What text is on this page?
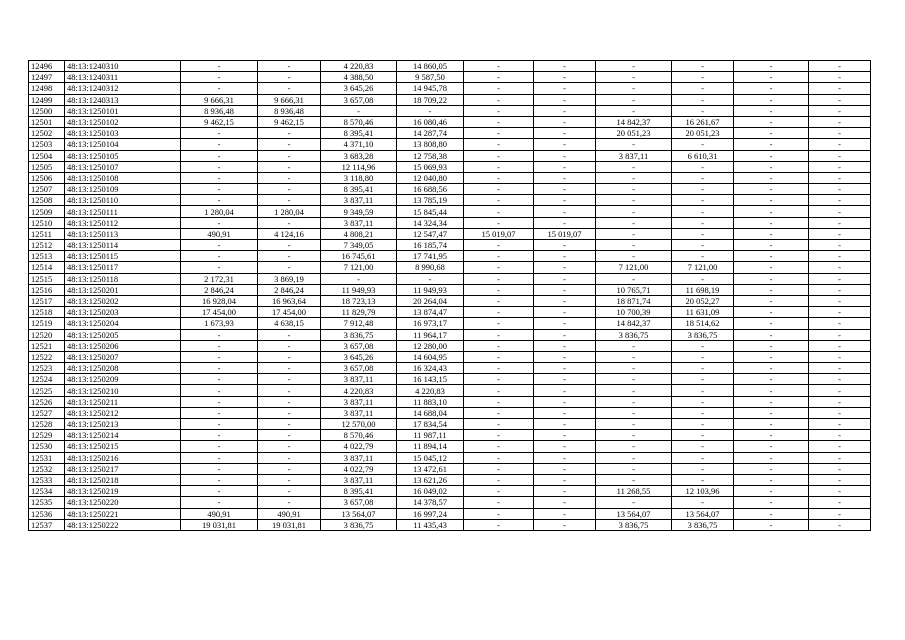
12496	48:13:1240310	-	-	4 220,83	14 860,05	-	-	-	-	-	-
12497	48:13:1240311	-	-	4 388,50	9 587,50	-	-	-	-	-	-
12498	48:13:1240312	-	-	3 645,26	14 945,78	-	-	-	-	-	-
12499	48:13:1240313	9 666,31	9 666,31	3 657,08	18 709,22	-	-	-	-	-	-
12500	48:13:1250101	8 936,48	8 936,48	-	-	-	-	-	-	-	-
12501	48:13:1250102	9 462,15	9 462,15	8 570,46	16 080,46	-	-	14 842,37	16 261,67	-	-
12502	48:13:1250103	-	-	8 395,41	14 287,74	-	-	20 051,23	20 051,23	-	-
12503	48:13:1250104	-	-	4 371,10	13 808,80	-	-	-	-	-	-
12504	48:13:1250105	-	-	3 683,28	12 758,38	-	-	3 837,11	6 610,31	-	-
12505	48:13:1250107	-	-	12 114,96	15 069,93	-	-	-	-	-	-
12506	48:13:1250108	-	-	3 118,80	12 040,80	-	-	-	-	-	-
12507	48:13:1250109	-	-	8 395,41	16 688,56	-	-	-	-	-	-
12508	48:13:1250110	-	-	3 837,11	13 785,19	-	-	-	-	-	-
12509	48:13:1250111	1 280,04	1 280,04	9 349,59	15 845,44	-	-	-	-	-	-
12510	48:13:1250112	-	-	3 837,11	14 324,34	-	-	-	-	-	-
12511	48:13:1250113	490,91	4 124,16	4 808,21	12 547,47	15 019,07	15 019,07	-	-	-	-
12512	48:13:1250114	-	-	7 349,05	16 185,74	-	-	-	-	-	-
12513	48:13:1250115	-	-	16 745,61	17 741,95	-	-	-	-	-	-
12514	48:13:1250117	-	-	7 121,00	8 990,68	-	-	7 121,00	7 121,00	-	-
12515	48:13:1250118	2 172,31	3 869,19	-	-	-	-	-	-	-	-
12516	48:13:1250201	2 846,24	2 846,24	11 949,93	11 949,93	-	-	10 765,71	11 698,19	-	-
12517	48:13:1250202	16 928,04	16 963,64	18 723,13	20 264,04	-	-	18 871,74	20 052,27	-	-
12518	48:13:1250203	17 454,00	17 454,00	11 829,79	13 874,47	-	-	10 700,39	11 631,09	-	-
12519	48:13:1250204	1 673,93	4 638,15	7 912,48	16 973,17	-	-	14 842,37	18 514,62	-	-
12520	48:13:1250205	-	-	3 836,75	11 964,17	-	-	3 836,75	3 836,75	-	-
12521	48:13:1250206	-	-	3 657,08	12 280,00	-	-	-	-	-	-
12522	48:13:1250207	-	-	3 645,26	14 604,95	-	-	-	-	-	-
12523	48:13:1250208	-	-	3 657,08	16 324,43	-	-	-	-	-	-
12524	48:13:1250209	-	-	3 837,11	16 143,15	-	-	-	-	-	-
12525	48:13:1250210	-	-	4 220,83	4 220,83	-	-	-	-	-	-
12526	48:13:1250211	-	-	3 837,11	11 883,10	-	-	-	-	-	-
12527	48:13:1250212	-	-	3 837,11	14 688,04	-	-	-	-	-	-
12528	48:13:1250213	-	-	12 570,00	17 834,54	-	-	-	-	-	-
12529	48:13:1250214	-	-	8 570,46	11 987,11	-	-	-	-	-	-
12530	48:13:1250215	-	-	4 022,79	11 894,14	-	-	-	-	-	-
12531	48:13:1250216	-	-	3 837,11	15 045,12	-	-	-	-	-	-
12532	48:13:1250217	-	-	4 022,79	13 472,61	-	-	-	-	-	-
12533	48:13:1250218	-	-	3 837,11	13 621,26	-	-	-	-	-	-
12534	48:13:1250219	-	-	8 395,41	16 049,02	-	-	11 268,55	12 103,96	-	-
12535	48:13:1250220	-	-	3 657,08	14 378,57	-	-	-	-	-	-
12536	48:13:1250221	490,91	490,91	13 564,07	16 997,24	-	-	13 564,07	13 564,07	-	-
12537	48:13:1250222	19 031,81	19 031,81	3 836,75	11 435,43	-	-	3 836,75	3 836,75	-	-
